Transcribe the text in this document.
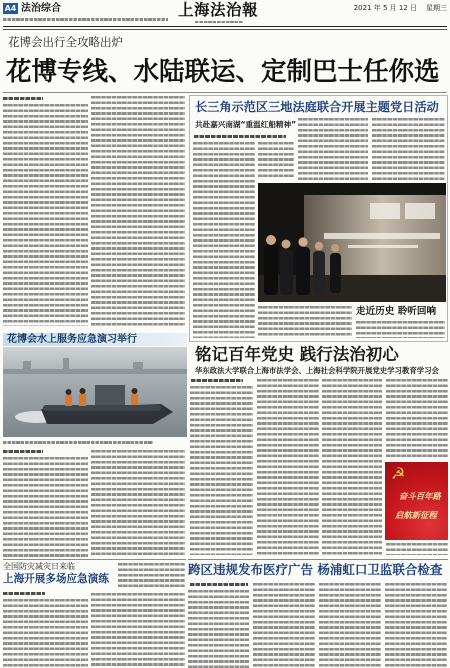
A4 法治综合	上海法治報	2021 年 5 月 12 日 星期三
花博会出行全攻略出炉
花博专线、水陆联运、定制巴士任你选
长三角示范区三地法庭联合开展主题党日活动
共赴嘉兴南湖“重温红船精神”
走近历史 聆听回响
花博会水上服务应急演习举行
全国防灾减灾日来临
上海开展多场应急演练
铭记百年党史 践行法治初心
华东政法大学联合上海市法学会、上海社会科学院开展党史学习教育学习会
☭
奋斗百年路
启航新征程
跨区违规发布医疗广告 杨浦虹口卫监联合检查
